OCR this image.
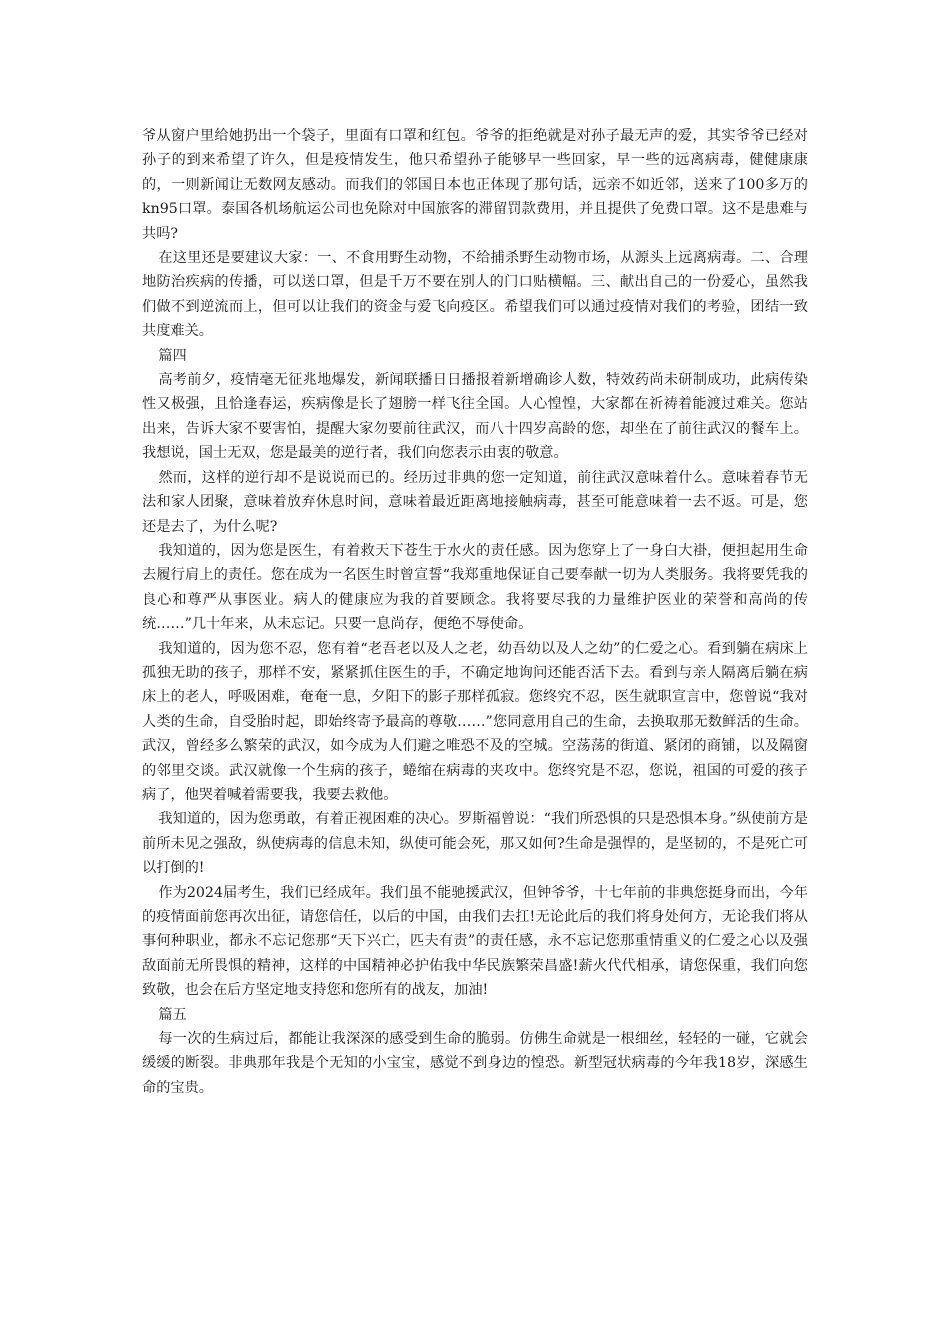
爷从窗户里给她扔出一个袋子，里面有口罩和红包。爷爷的拒绝就是对孙子最无声的爱，其实爷爷已经对孙子的到来希望了许久，但是疫情发生，他只希望孙子能够早一些回家，早一些的远离病毒，健健康康的，一则新闻让无数网友感动。而我们的邻国日本也正体现了那句话，远亲不如近邻，送来了100多万的kn95口罩。泰国各机场航运公司也免除对中国旅客的滞留罚款费用，并且提供了免费口罩。这不是患难与共吗?

在这里还是要建议大家：一、不食用野生动物，不给捕杀野生动物市场，从源头上远离病毒。二、合理地防治疾病的传播，可以送口罩，但是千万不要在别人的门口贴横幅。三、献出自己的一份爱心，虽然我们做不到逆流而上，但可以让我们的资金与爱飞向疫区。希望我们可以通过疫情对我们的考验，团结一致共度难关。

篇四

高考前夕，疫情毫无征兆地爆发，新闻联播日日播报着新增确诊人数，特效药尚未研制成功，此病传染性又极强，且恰逢春运，疾病像是长了翅膀一样飞往全国。人心惶惶，大家都在祈祷着能渡过难关。您站出来，告诉大家不要害怕，提醒大家勿要前往武汉，而八十四岁高龄的您，却坐在了前往武汉的餐车上。我想说，国士无双，您是最美的逆行者，我们向您表示由衷的敬意。

然而，这样的逆行却不是说说而已的。经历过非典的您一定知道，前往武汉意味着什么。意味着春节无法和家人团聚，意味着放弃休息时间，意味着最近距离地接触病毒，甚至可能意味着一去不返。可是，您还是去了，为什么呢?

我知道的，因为您是医生，有着救天下苍生于水火的责任感。因为您穿上了一身白大褂，便担起用生命去履行肩上的责任。您在成为一名医生时曾宣誓“我郑重地保证自己要奉献一切为人类服务。我将要凭我的良心和尊严从事医业。病人的健康应为我的首要顾念。我将要尽我的力量维护医业的荣誉和高尚的传统……”几十年来，从未忘记。只要一息尚存，便绝不辱使命。

我知道的，因为您不忍，您有着“老吾老以及人之老，幼吾幼以及人之幼”的仁爱之心。看到躺在病床上孤独无助的孩子，那样不安，紧紧抓住医生的手，不确定地询问还能否活下去。看到与亲人隔离后躺在病床上的老人，呼吸困难，奄奄一息，夕阳下的影子那样孤寂。您终究不忍，医生就职宣言中，您曾说“我对人类的生命，自受胎时起，即始终寄予最高的尊敬……”您同意用自己的生命，去换取那无数鲜活的生命。武汉，曾经多么繁荣的武汉，如今成为人们避之唯恐不及的空城。空荡荡的街道、紧闭的商铺，以及隔窗的邻里交谈。武汉就像一个生病的孩子，蜷缩在病毒的夹攻中。您终究是不忍，您说，祖国的可爱的孩子病了，他哭着喊着需要我，我要去救他。

我知道的，因为您勇敢，有着正视困难的决心。罗斯福曾说：“我们所恐惧的只是恐惧本身。”纵使前方是前所未见之强敌，纵使病毒的信息未知，纵使可能会死，那又如何?生命是强悍的，是坚韧的，不是死亡可以打倒的!

作为2024届考生，我们已经成年。我们虽不能驰援武汉，但钟爷爷，十七年前的非典您挺身而出，今年的疫情面前您再次出征，请您信任，以后的中国，由我们去扛!无论此后的我们将身处何方，无论我们将从事何种职业，都永不忘记您那“天下兴亡，匹夫有责”的责任感，永不忘记您那重情重义的仁爱之心以及强敌面前无所畏惧的精神，这样的中国精神必护佑我中华民族繁荣昌盛!薪火代代相承，请您保重，我们向您致敬，也会在后方坚定地支持您和您所有的战友，加油!

篇五

每一次的生病过后，都能让我深深的感受到生命的脆弱。仿佛生命就是一根细丝，轻轻的一碰，它就会缓缓的断裂。非典那年我是个无知的小宝宝，感觉不到身边的惶恐。新型冠状病毒的今年我18岁，深感生命的宝贵。
